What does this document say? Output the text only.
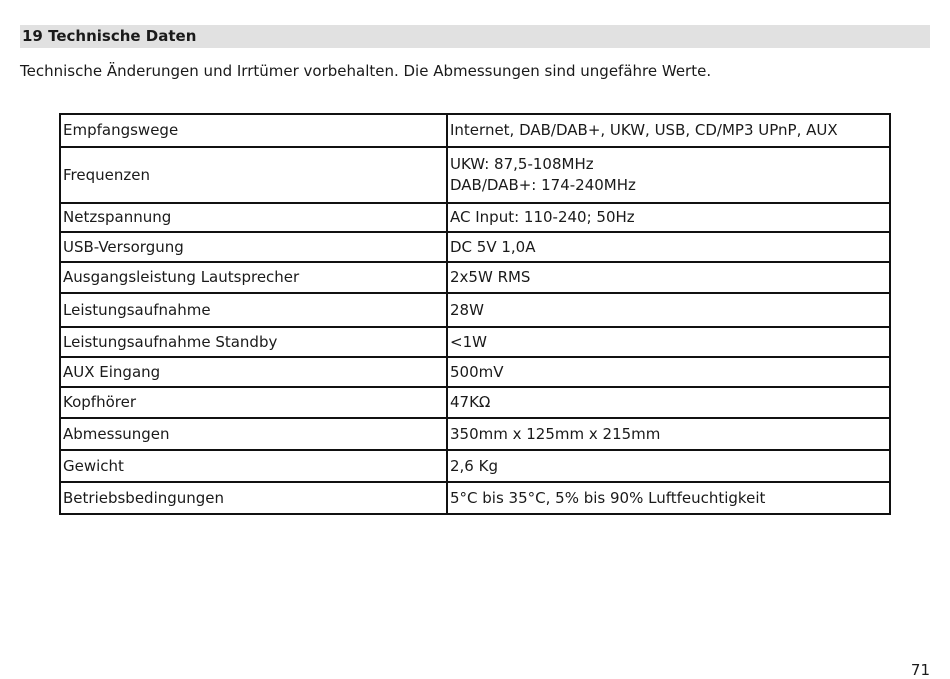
19 Technische Daten
Technische Änderungen und Irrtümer vorbehalten. Die Abmessungen sind ungefähre Werte.
Empfangswege	Internet, DAB/DAB+, UKW, USB, CD/MP3 UPnP, AUX

Frequenzen	UKW: 87,5-108MHz
DAB/DAB+: 174-240MHz

Netzspannung	AC Input: 110-240; 50Hz

USB-Versorgung	DC 5V 1,0A

Ausgangsleistung Lautsprecher	2x5W RMS

Leistungsaufnahme	28W

Leistungsaufnahme Standby	<1W

AUX Eingang	500mV

Kopfhörer	47KΩ

Abmessungen	350mm x 125mm x 215mm

Gewicht	2,6 Kg

Betriebsbedingungen	5°C bis 35°C, 5% bis 90% Luftfeuchtigkeit
71
